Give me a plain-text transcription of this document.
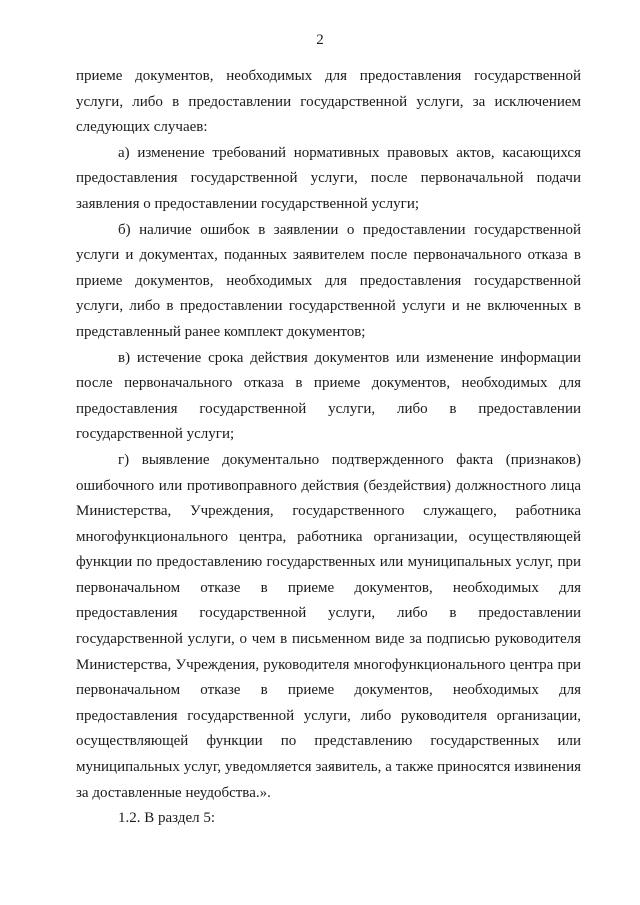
2

приеме документов, необходимых для предоставления государственной услуги, либо в предоставлении государственной услуги, за исключением следующих случаев:

а) изменение требований нормативных правовых актов, касающихся предоставления государственной услуги, после первоначальной подачи заявления о предоставлении государственной услуги;

б) наличие ошибок в заявлении о предоставлении государственной услуги и документах, поданных заявителем после первоначального отказа в приеме документов, необходимых для предоставления государственной услуги, либо в предоставлении государственной услуги и не включенных в представленный ранее комплект документов;

в) истечение срока действия документов или изменение информации после первоначального отказа в приеме документов, необходимых для предоставления государственной услуги, либо в предоставлении государственной услуги;

г) выявление документально подтвержденного факта (признаков) ошибочного или противоправного действия (бездействия) должностного лица Министерства, Учреждения, государственного служащего, работника многофункционального центра, работника организации, осуществляющей функции по предоставлению государственных или муниципальных услуг, при первоначальном отказе в приеме документов, необходимых для предоставления государственной услуги, либо в предоставлении государственной услуги, о чем в письменном виде за подписью руководителя Министерства, Учреждения, руководителя многофункционального центра при первоначальном отказе в приеме документов, необходимых для предоставления государственной услуги, либо руководителя организации, осуществляющей функции по представлению государственных или муниципальных услуг, уведомляется заявитель, а также приносятся извинения за доставленные неудобства.».

1.2. В раздел 5:
